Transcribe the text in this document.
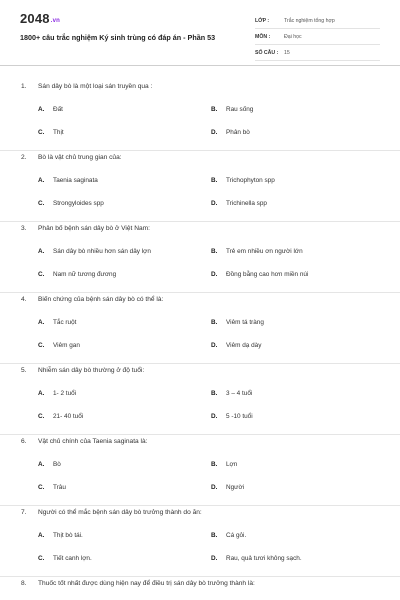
2048.vn
1800+ câu trắc nghiệm Ký sinh trùng có đáp án - Phần 53
LỚP :	Trắc nghiệm tổng hợp
MÔN :	Đại học
SỐ CÂU :	15
1.	Sán dây bò là một loại sán truyền qua :
A.	Đất	B.	Rau sống
C.	Thịt	D.	Phân bò
2.	Bò là vật chủ trung gian của:
A.	Taenia saginata	B.	Trichophyton spp
C.	Strongyloides spp	D.	Trichinella spp
3.	Phân bố bệnh sán dây bò ở Việt Nam:
A.	Sán dây bò nhiều hơn sán dây lợn	B.	Trẻ em nhiều ơn người lớn
C.	Nam nữ tương đương	D.	Đồng bằng cao hơn miền núi
4.	Biến chứng của bệnh sán dây bò có thể là:
A.	Tắc ruột	B.	Viêm tá tràng
C.	Viêm gan	D.	Viêm dạ dày
5.	Nhiễm sán dây bò thường ở độ tuổi:
A.	1- 2 tuổi	B.	3 – 4 tuổi
C.	21- 40 tuổi	D.	5 -10 tuổi
6.	Vật chủ chính của Taenia saginata là:
A.	Bò	B.	Lợn
C.	Trâu	D.	Người
7.	Người có thể mắc bệnh sán dây bò trưởng thành do ăn:
A.	Thịt bò tái.	B.	Cá gỏi.
C.	Tiết canh lợn.	D.	Rau, quả tươi không sạch.
8.	Thuốc tốt nhất được dùng hiện nay để điều trị sán dây bò trưởng thành là:
